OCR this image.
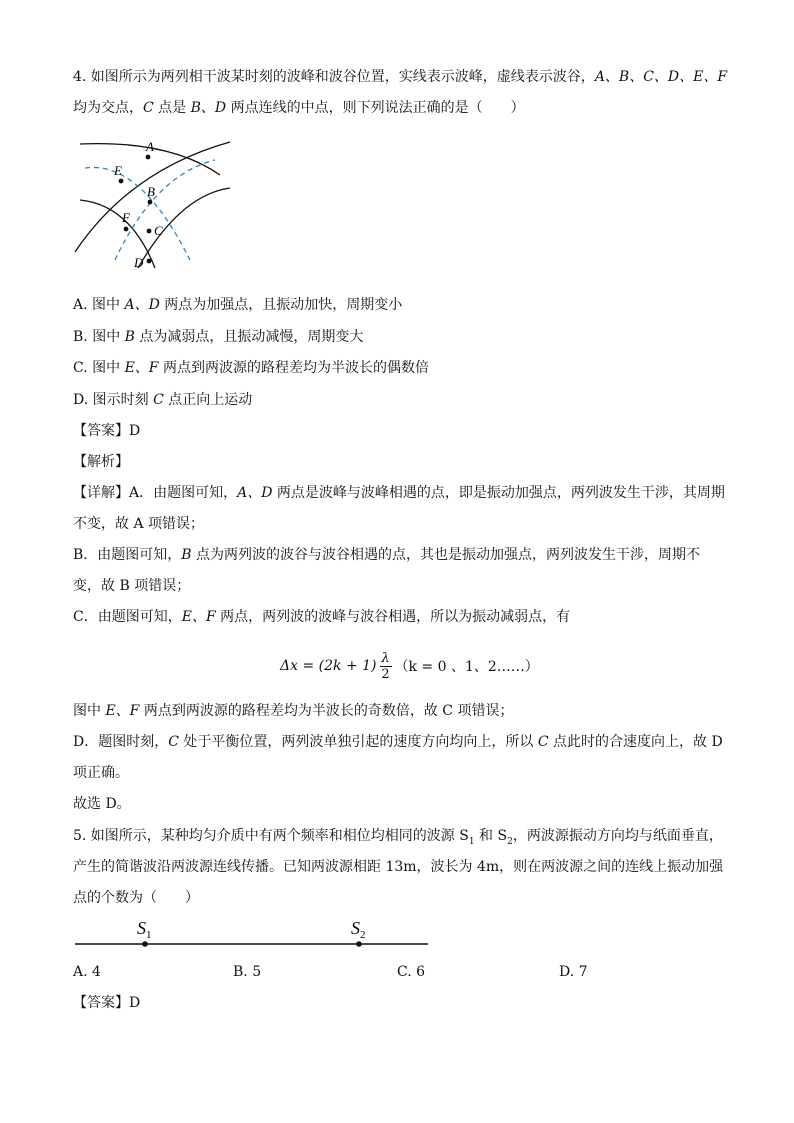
4. 如图所示为两列相干波某时刻的波峰和波谷位置，实线表示波峰，虚线表示波谷，A、B、C、D、E、F
均为交点，C 点是 B、D 两点连线的中点，则下列说法正确的是（　　）
A
E
B
F
C
D
A. 图中 A、D 两点为加强点，且振动加快，周期变小
B. 图中 B 点为减弱点，且振动减慢，周期变大
C. 图中 E、F 两点到两波源的路程差均为半波长的偶数倍
D. 图示时刻 C 点正向上运动
【答案】D
【解析】
【详解】A．由题图可知，A、D 两点是波峰与波峰相遇的点，即是振动加强点，两列波发生干涉，其周期
不变，故 A 项错误；
B．由题图可知，B 点为两列波的波谷与波谷相遇的点，其也是振动加强点，两列波发生干涉，周期不
变，故 B 项错误；
C．由题图可知，E、F 两点，两列波的波峰与波谷相遇，所以为振动减弱点，有
$\Delta x = (2k + 1) \frac{\lambda}{2} (k = 0$ 、1、2……）
图中 E、F 两点到两波源的路程差均为半波长的奇数倍，故 C 项错误；
D．题图时刻，C 处于平衡位置，两列波单独引起的速度方向均向上，所以 C 点此时的合速度向上，故 D
项正确。
故选 D。
5. 如图所示，某种均匀介质中有两个频率和相位均相同的波源 $S_1$ 和 $S_2$，两波源振动方向均与纸面垂直，
产生的简谐波沿两波源连线传播。已知两波源相距 13m，波长为 4m，则在两波源之间的连线上振动加强
点的个数为（　　）
$S_1$	$S_2$
A. 4	B. 5	C. 6	D. 7
【答案】D
